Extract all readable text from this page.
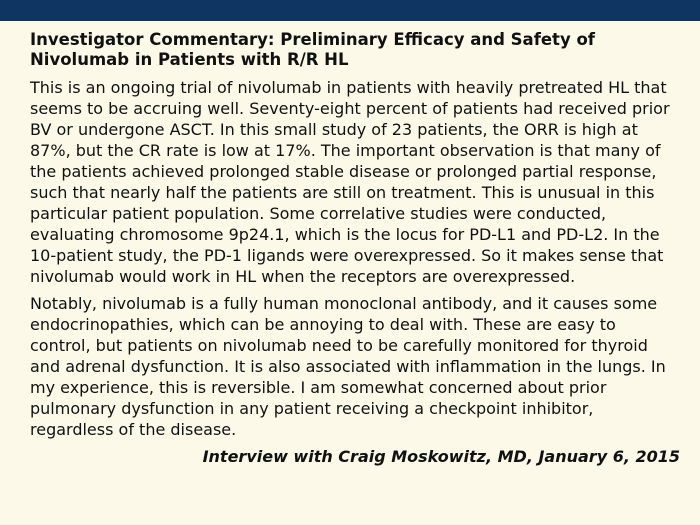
Investigator Commentary: Preliminary Efficacy and Safety of
Nivolumab in Patients with R/R HL

This is an ongoing trial of nivolumab in patients with heavily pretreated HL that seems to be accruing well. Seventy-eight percent of patients had received prior BV or undergone ASCT. In this small study of 23 patients, the ORR is high at 87%, but the CR rate is low at 17%. The important observation is that many of the patients achieved prolonged stable disease or prolonged partial response, such that nearly half the patients are still on treatment. This is unusual in this particular patient population. Some correlative studies were conducted, evaluating chromosome 9p24.1, which is the locus for PD-L1 and PD-L2. In the 10-patient study, the PD-1 ligands were overexpressed. So it makes sense that nivolumab would work in HL when the receptors are overexpressed.

Notably, nivolumab is a fully human monoclonal antibody, and it causes some endocrinopathies, which can be annoying to deal with. These are easy to control, but patients on nivolumab need to be carefully monitored for thyroid and adrenal dysfunction. It is also associated with inflammation in the lungs. In my experience, this is reversible. I am somewhat concerned about prior pulmonary dysfunction in any patient receiving a checkpoint inhibitor, regardless of the disease.

Interview with Craig Moskowitz, MD, January 6, 2015
